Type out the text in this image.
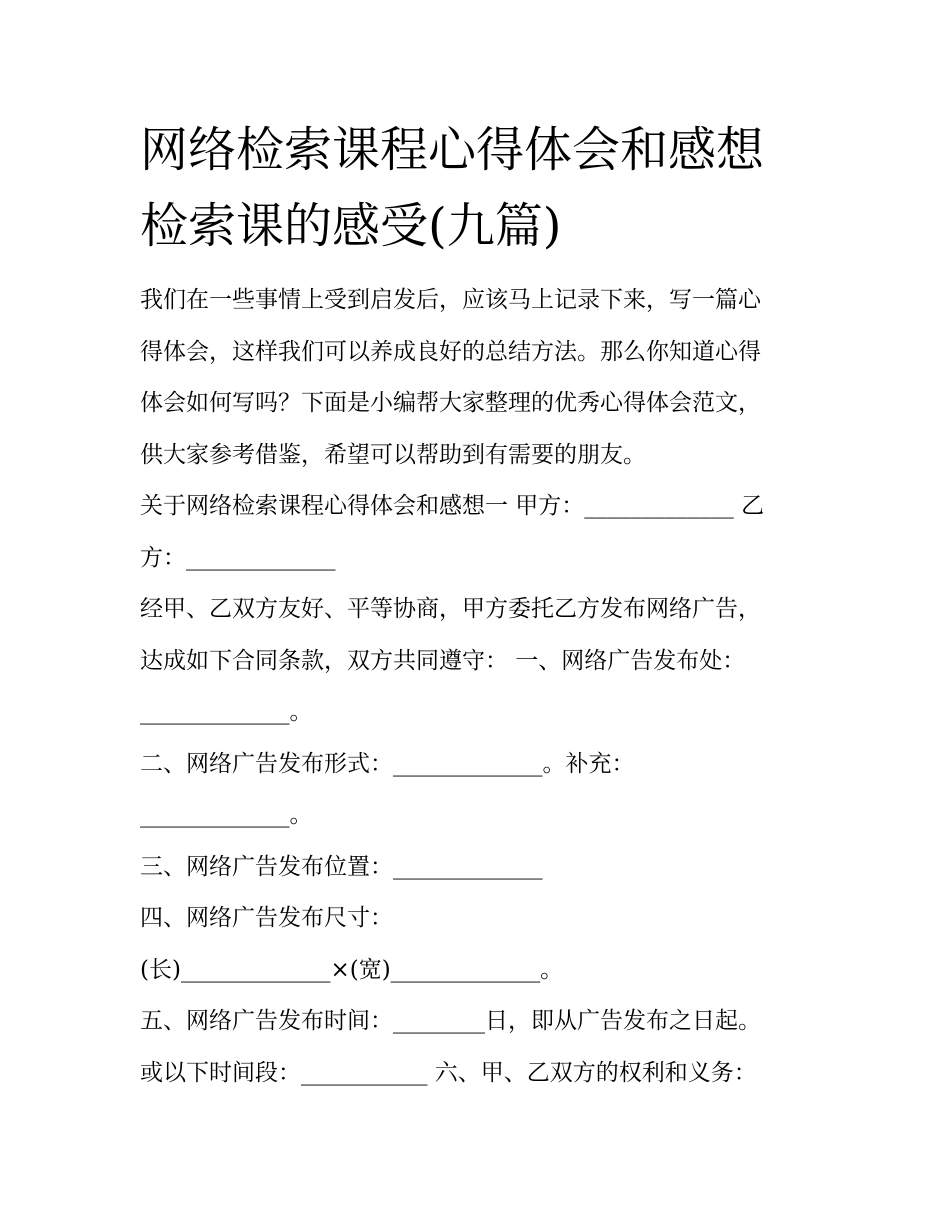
网络检索课程心得体会和感想
检索课的感受(九篇)
我们在一些事情上受到启发后，应该马上记录下来，写一篇心
得体会，这样我们可以养成良好的总结方法。那么你知道心得
体会如何写吗？下面是小编帮大家整理的优秀心得体会范文，
供大家参考借鉴，希望可以帮助到有需要的朋友。
关于网络检索课程心得体会和感想一 甲方：_____________ 乙
方：_____________
经甲、乙双方友好、平等协商，甲方委托乙方发布网络广告，
达成如下合同条款，双方共同遵守： 一、网络广告发布处：
_____________。
二、网络广告发布形式：_____________。补充：
_____________。
三、网络广告发布位置：_____________
四、网络广告发布尺寸：
(长)_____________×(宽)_____________。
五、网络广告发布时间：________日，即从广告发布之日起。
或以下时间段：___________ 六、甲、乙双方的权利和义务：
